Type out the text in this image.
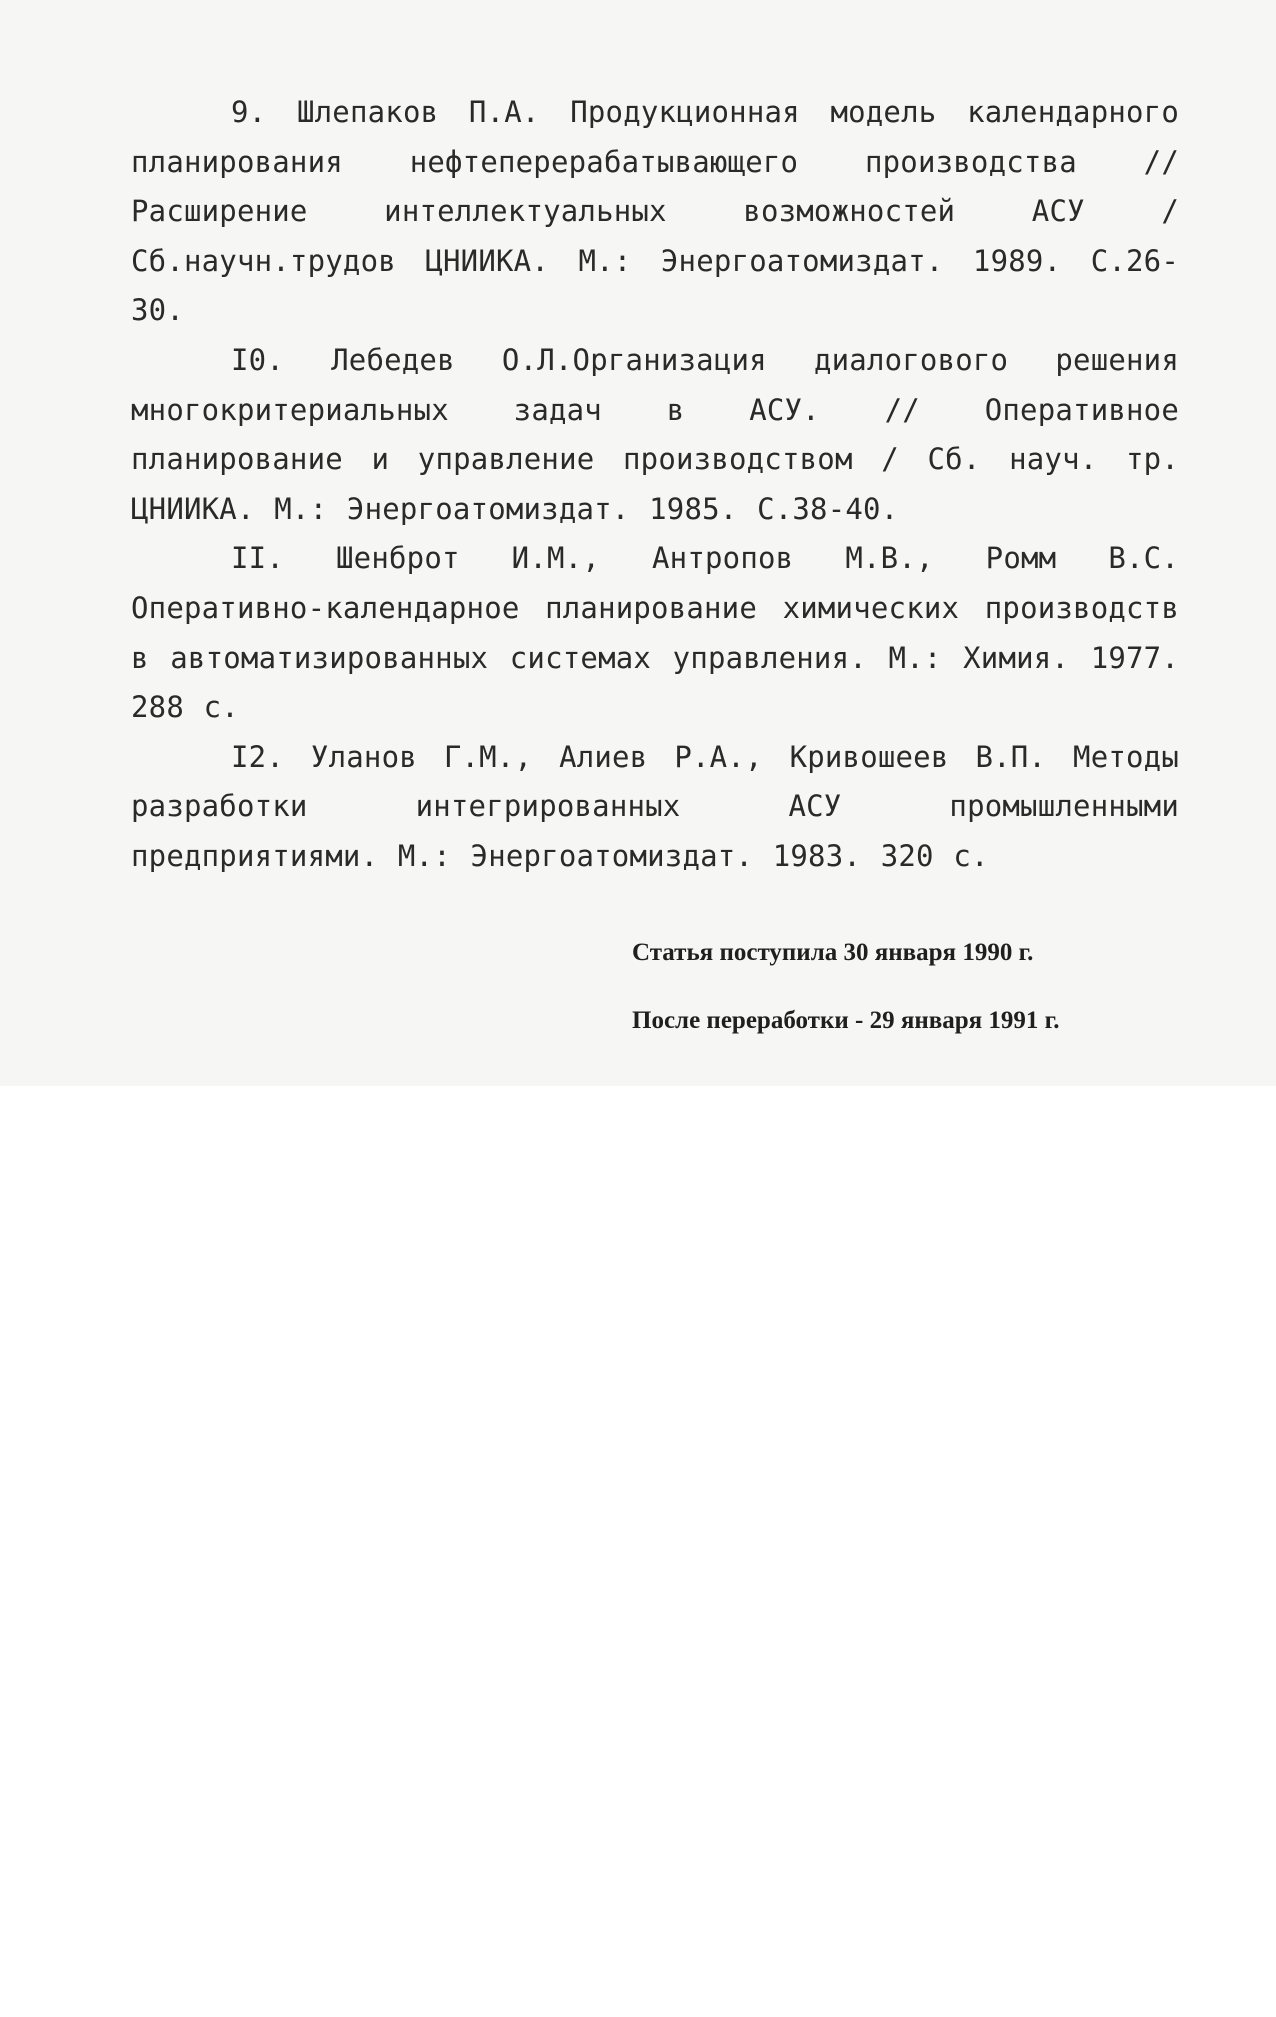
9. Шлепаков П.А. Продукционная модель календарного планирования нефтеперерабатывающего производства // Расширение интеллектуальных возможностей АСУ / Сб.научн.трудов ЦНИИКА. М.: Энергоатомиздат. 1989. С.26-30.

I0. Лебедев О.Л.Организация диалогового решения многокритериальных задач в АСУ. // Оперативное планирование и управление производством / Сб. науч. тр. ЦНИИКА. М.: Энергоатомиздат. 1985. С.38-40.

II. Шенброт И.М., Антропов М.В., Ромм В.С. Оперативно-календарное планирование химических производств в автоматизированных системах управления. М.: Химия. 1977. 288 с.

I2. Уланов Г.М., Алиев Р.А., Кривошеев В.П. Методы разработки интегрированных АСУ промышленными предприятиями. М.: Энергоатомиздат. 1983. 320 с.

Статья поступила 30 января 1990 г.
После переработки - 29 января 1991 г.
